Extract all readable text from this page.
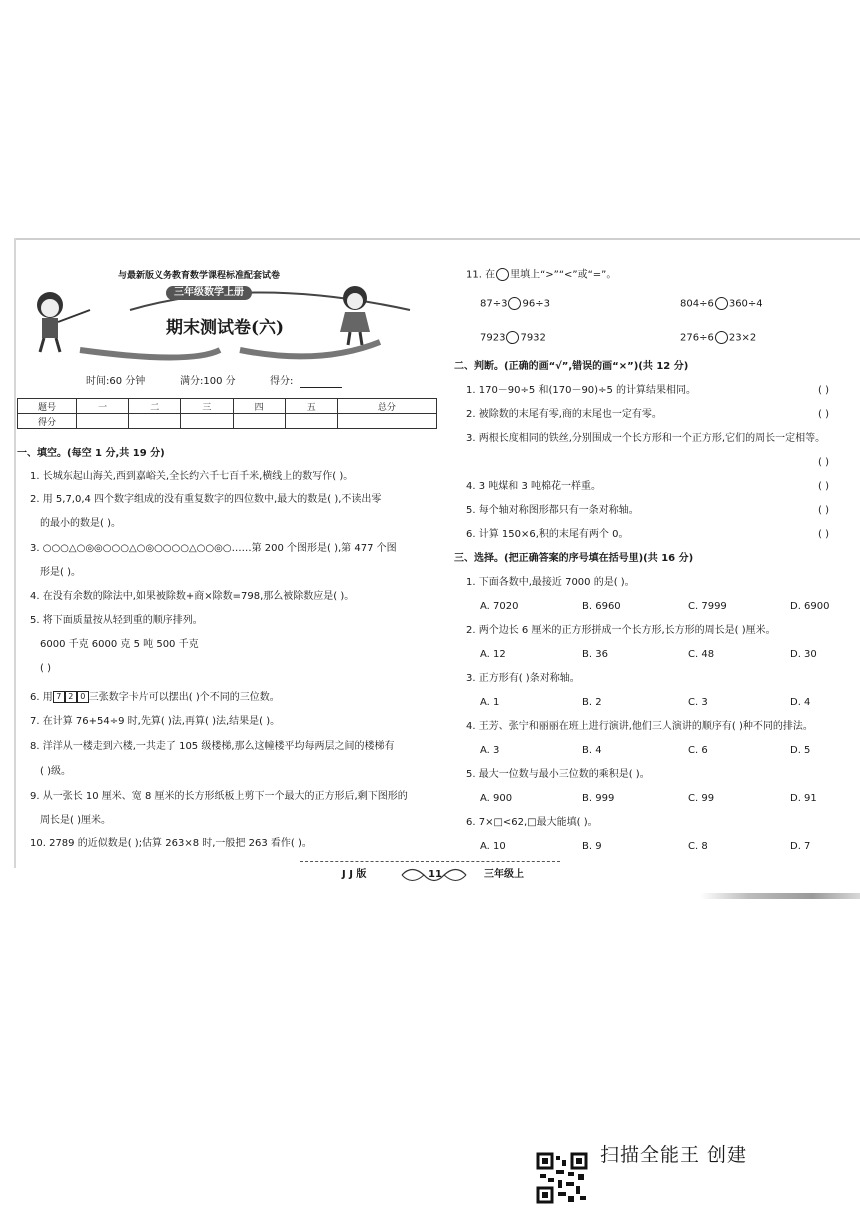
与最新版义务教育数学课程标准配套试卷
三年级数学上册
期末测试卷(六)
时间:60 分钟	满分:100 分	得分:
题号	一	二	三	四	五	总分
得分						
一、填空。(每空 1 分,共 19 分)
1. 长城东起山海关,西到嘉峪关,全长约六千七百千米,横线上的数写作( )。
2. 用 5,7,0,4 四个数字组成的没有重复数字的四位数中,最大的数是( ),不读出零
的最小的数是( )。
3. ○○○△○◎◎○○○△○◎○○○○△○○◎○……第 200 个图形是( ),第 477 个图
形是( )。
4. 在没有余数的除法中,如果被除数+商×除数=798,那么被除数应是( )。
5. 将下面质量按从轻到重的顺序排列。
6000 千克 6000 克 5 吨 500 千克
( )
6. 用 7 2 0 三张数字卡片可以摆出( )个不同的三位数。
7. 在计算 76+54÷9 时,先算( )法,再算( )法,结果是( )。
8. 洋洋从一楼走到六楼,一共走了 105 级楼梯,那么这幢楼平均每两层之间的楼梯有
( )级。
9. 从一张长 10 厘米、宽 8 厘米的长方形纸板上剪下一个最大的正方形后,剩下图形的
周长是( )厘米。
10. 2789 的近似数是( );估算 263×8 时,一般把 263 看作( )。
11. 在 里填上“>”“<”或“=”。
87÷3 96÷3	804÷6 360÷4
7923 7932	276÷6 23×2
二、判断。(正确的画“√”,错误的画“×”)(共 12 分)
1. 170－90÷5 和(170－90)÷5 的计算结果相同。	( )
2. 被除数的末尾有零,商的末尾也一定有零。	( )
3. 两根长度相同的铁丝,分别围成一个长方形和一个正方形,它们的周长一定相等。
( )
4. 3 吨煤和 3 吨棉花一样重。	( )
5. 每个轴对称图形都只有一条对称轴。	( )
6. 计算 150×6,积的末尾有两个 0。	( )
三、选择。(把正确答案的序号填在括号里)(共 16 分)
1. 下面各数中,最接近 7000 的是( )。
A. 7020	B. 6960	C. 7999	D. 6900
2. 两个边长 6 厘米的正方形拼成一个长方形,长方形的周长是( )厘米。
A. 12	B. 36	C. 48	D. 30
3. 正方形有( )条对称轴。
A. 1	B. 2	C. 3	D. 4
4. 王芳、张宁和丽丽在班上进行演讲,他们三人演讲的顺序有( )种不同的排法。
A. 3	B. 4	C. 6	D. 5
5. 最大一位数与最小三位数的乘积是( )。
A. 900	B. 999	C. 99	D. 91
6. 7×□<62,□最大能填( )。
A. 10	B. 9	C. 8	D. 7
J J 版	11	三年级上
扫描全能王 创建
